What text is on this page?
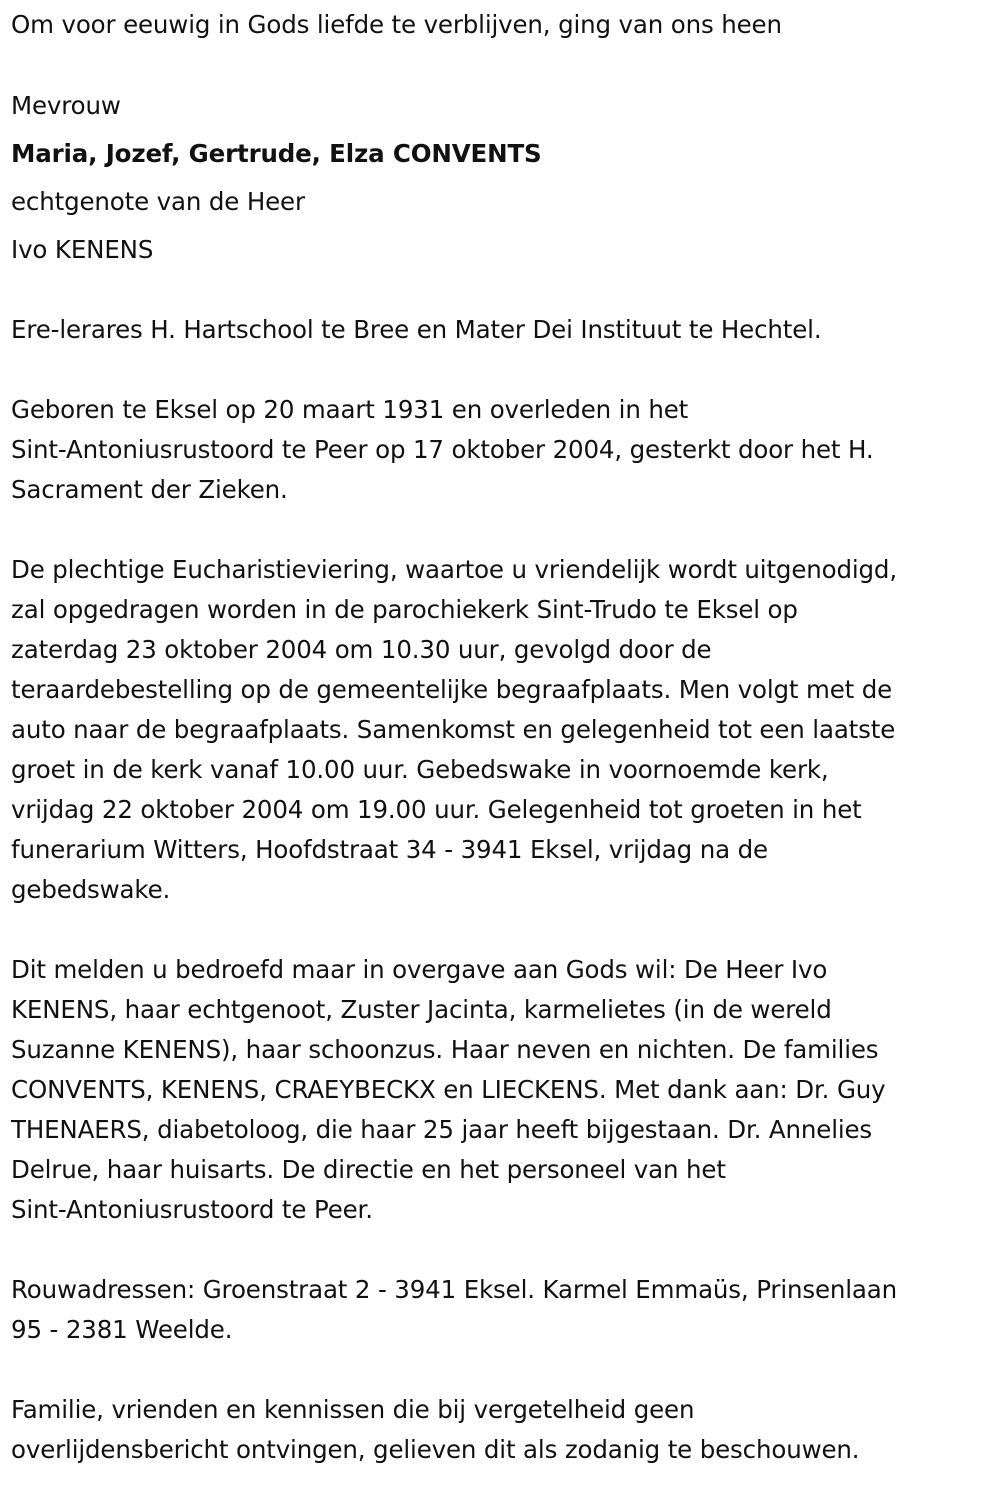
Om voor eeuwig in Gods liefde te verblijven, ging van ons heen
Mevrouw
Maria, Jozef, Gertrude, Elza CONVENTS
echtgenote van de Heer
Ivo KENENS
Ere-lerares H. Hartschool te Bree en Mater Dei Instituut te Hechtel.
Geboren te Eksel op 20 maart 1931 en overleden in het
Sint-Antoniusrustoord te Peer op 17 oktober 2004, gesterkt door het H.
Sacrament der Zieken.
De plechtige Eucharistieviering, waartoe u vriendelijk wordt uitgenodigd,
zal opgedragen worden in de parochiekerk Sint-Trudo te Eksel op
zaterdag 23 oktober 2004 om 10.30 uur, gevolgd door de
teraardebestelling op de gemeentelijke begraafplaats. Men volgt met de
auto naar de begraafplaats. Samenkomst en gelegenheid tot een laatste
groet in de kerk vanaf 10.00 uur. Gebedswake in voornoemde kerk,
vrijdag 22 oktober 2004 om 19.00 uur. Gelegenheid tot groeten in het
funerarium Witters, Hoofdstraat 34 - 3941 Eksel, vrijdag na de
gebedswake.
Dit melden u bedroefd maar in overgave aan Gods wil: De Heer Ivo
KENENS, haar echtgenoot, Zuster Jacinta, karmelietes (in de wereld
Suzanne KENENS), haar schoonzus. Haar neven en nichten. De families
CONVENTS, KENENS, CRAEYBECKX en LIECKENS. Met dank aan: Dr. Guy
THENAERS, diabetoloog, die haar 25 jaar heeft bijgestaan. Dr. Annelies
Delrue, haar huisarts. De directie en het personeel van het
Sint-Antoniusrustoord te Peer.
Rouwadressen: Groenstraat 2 - 3941 Eksel. Karmel Emmaüs, Prinsenlaan
95 - 2381 Weelde.
Familie, vrienden en kennissen die bij vergetelheid geen
overlijdensbericht ontvingen, gelieven dit als zodanig te beschouwen.
